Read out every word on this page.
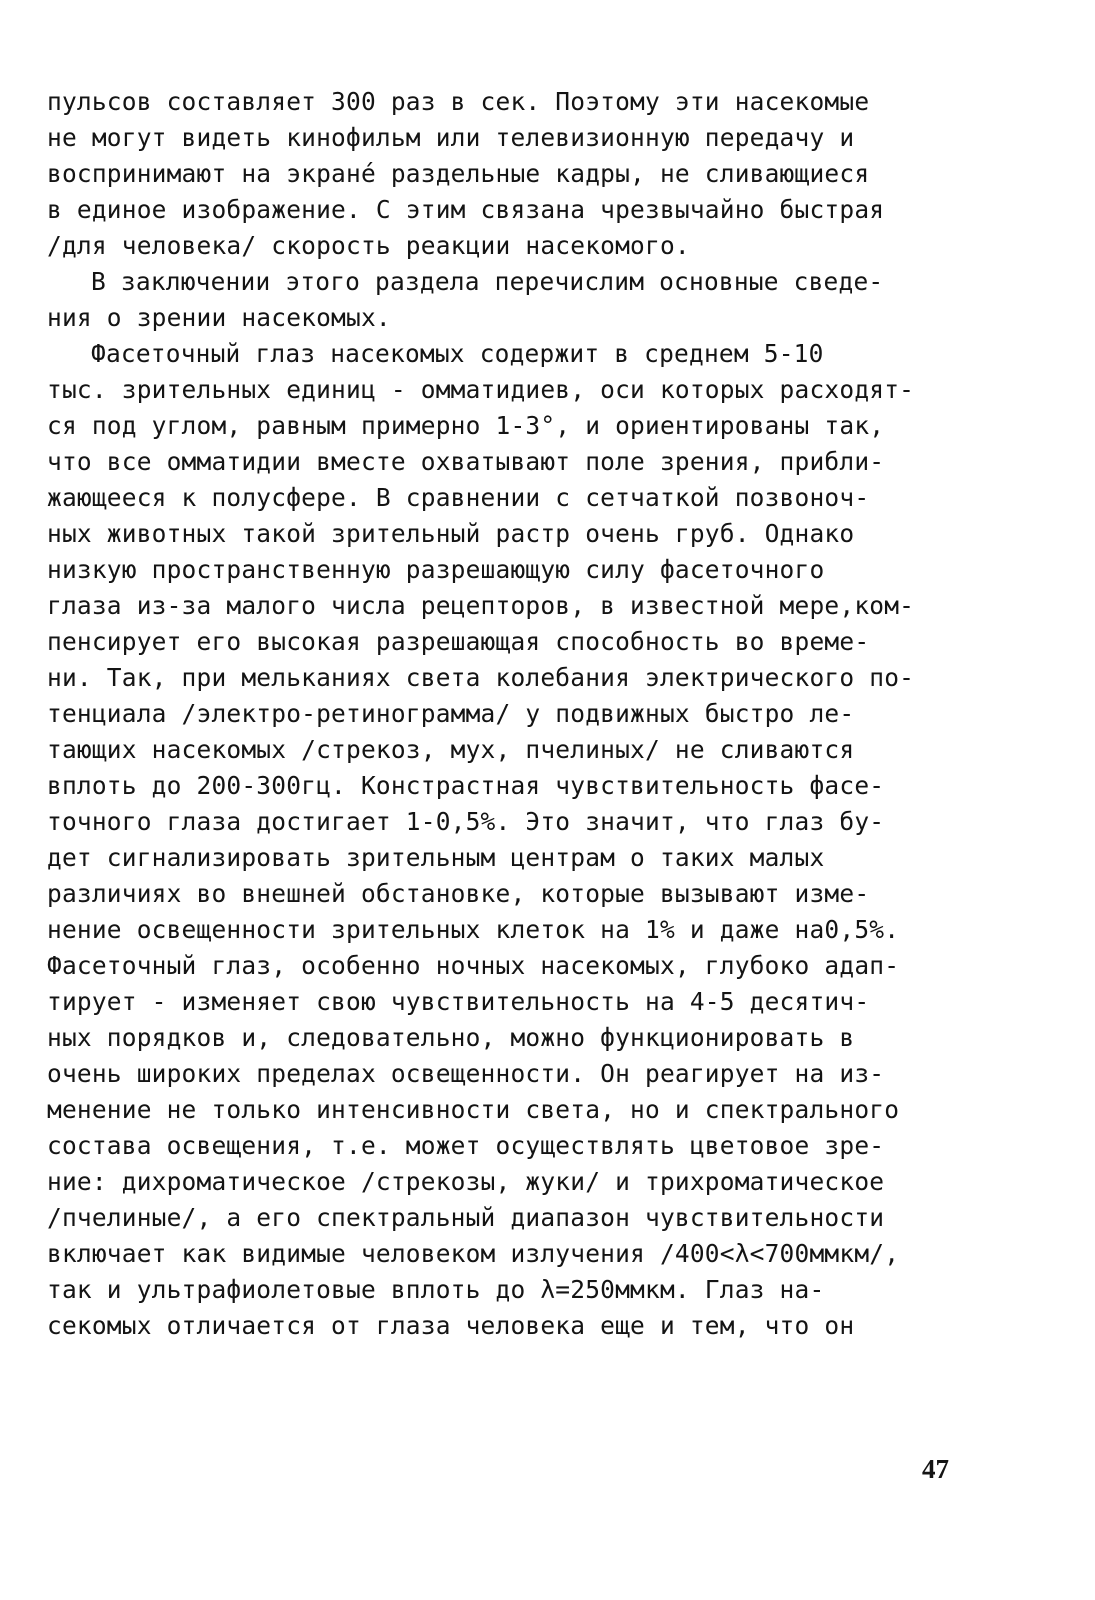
пульсов составляет 300 раз в сек. Поэтому эти насекомые
не могут видеть кинофильм или телевизионную передачу и
воспринимают на экранé раздельные кадры, не сливающиеся
в единое изображение. С этим связана чрезвычайно быстрая
/для человека/ скорость реакции насекомого.
В заключении этого раздела перечислим основные сведе-
ния о зрении насекомых.
Фасеточный глаз насекомых содержит в среднем 5-10
тыс. зрительных единиц - омматидиев, оси которых расходят-
ся под углом, равным примерно 1-3°, и ориентированы так,
что все омматидии вместе охватывают поле зрения, прибли-
жающееся к полусфере. В сравнении с сетчаткой позвоноч-
ных животных такой зрительный растр очень груб. Однако
низкую пространственную разрешающую силу фасеточного
глаза из-за малого числа рецепторов, в известной мере,ком-
пенсирует его высокая разрешающая способность во време-
ни. Так, при мельканиях света колебания электрического по-
тенциала /электро-ретинограмма/ у подвижных быстро ле-
тающих насекомых /стрекоз, мух, пчелиных/ не сливаются
вплоть до 200-300гц. Констрастная чувствительность фасе-
точного глаза достигает 1-0,5%. Это значит, что глаз бу-
дет сигнализировать зрительным центрам о таких малых
различиях во внешней обстановке, которые вызывают изме-
нение освещенности зрительных клеток на 1% и даже на0,5%.
Фасеточный глаз, особенно ночных насекомых, глубоко адап-
тирует - изменяет свою чувствительность на 4-5 десятич-
ных порядков и, следовательно, можно функционировать в
очень широких пределах освещенности. Он реагирует на из-
менение не только интенсивности света, но и спектрального
состава освещения, т.е. может осуществлять цветовое зре-
ние: дихроматическое /стрекозы, жуки/ и трихроматическое
/пчелиные/, а его спектральный диапазон чувствительности
включает как видимые человеком излучения /400<λ<700ммкм/,
так и ультрафиолетовые вплоть до λ=250ммкм. Глаз на-
секомых отличается от глаза человека еще и тем, что он
47
